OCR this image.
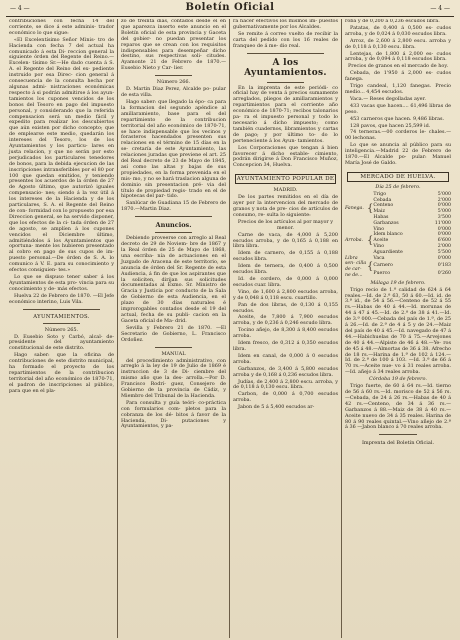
— 4 —	Boletín Oficial	— 4 —

contribuciones con fecha 14 del corriente, se dice á este adminis- trador económico lo que sigue:

«El Excelentísimo Señor Minis- tro de Hacienda con fecha 7 del actual ha comunicado á esta Di- reccion general la siguiente órden del Regente del Reino.—Excelen- tísimo Sr.—He dado cuenta á S. A. el Regente del Reino del ex- pediente instruido por esa Direc- cion general á consecuencia de la consulta hecha por algunas admi- nistraciones económicas respecto á si podrán admitirse á los ayun- tamientos los cupones vencidos de los bonos del Tesoro en pago del impuesto personal, y considerando que la referida compensacion será un medio fácil y expedito para realizar los descubiertos que aún existen por dicho concepto; que de emplearse este medio, quedarán los intereses del Tesoro, los de los Ayuntamientos y los particu- lares en justa relacion, y que no serán por esto perjudicados los particulares tenedores de bonos, para la debida ejecucion de las inscripciones intransferibles por el 80 por 100 que quedan emitidos, y teniendo presentes los acuerdos de la órden de 27 de Agosto último, que autorizó iguales compensacio- nes; siendo á la vez útil á los intereses de la Hacienda y de los particulares, S. A. el Regente del Reino de con- formidad con lo propuesto por esa Direccion general, se ha servido disponer, que los efectos de la ci- tada órden de 27 de agosto, se amplíen á los cupones vencidos el Diciembre último, admitiéndolos á los Ayuntamientos que oportuna- mente los hubieren presentado al cobro en pago de sus cupos de im- puesto personal.—De órden de S. A. lo comunico á V. E. para su conocimiento y efectos consiguien- tes.»

Lo que se dispuso tener saber á los Ayuntamientos de esta pro- vincia para su conocimiento y de- más efectos.

Huelva 22 de Febrero de 1870. —El Jefe económico interino, Luis Vila.

AYUNTAMIENTOS.
Número 265.

D. Eusebio Soto y Carbó, alcal- de-presidente del ayuntamiento constitucional de este distrito.

Hago saber: que la oficina de contribuciones de este distrito municipal, ha formado el proyecto de los repartimientos de la contribucion territorial del año económico de 1870-71, el padron de inscripciones al público, para que en el pla-

zo de treinta días, contados desde el en que aparezca inserto este anuncio en el Boletín oficial de esta provincia y Gaceta del gobier- no puedan presentar los reparos que se crean con los requisitos indispensables para desempeñar dicho destino, sus respectivas soli- citudes. Ayamonte 21 de Febrero de 1870.—Eusebio Nieto y Car- lier.

Número 266.

D. Martin Diaz Perez, Alcalde po- pular de esta villa.

Hago saber: que llegado la épo- ca para la formacion del segundo apéndice al amillaramiento, base para el del repartimiento de la contribucion territorial del año económico de 1870-71, se hace indispensable que los vecinos y forasteros hacendados presenten sus relaciones en el término de 15 días en la se- cretaría de este Ayuntamiento, las relaciones juradas que previene el art. 25 del Real decreto de 23 de Mayo de 1845, así como las altas y bajas de sus propiedades, en la forma prevenida en el mis- mo, y no se hará traslacion alguna de dominio sin presentacion pré- via del título de propiedad regis- trado en el de hipotecas del par- tido.

Sanlúcar de Guadiana 15 de Febrero de 1870.—Martin Diaz.

Anuncios.

Debiendo proveerse con arreglo al Real decreto de 29 de Noviem- bre de 1867 y la Real órden de 25 de Mayo de 1868, una escriba- nía de actuaciones en el Juzgado de Aracena de este territorio, se anuncia de órden del Sr. Regente de esta Audiencia, á fin de que los aspirantes que la soliciten, dirijan sus solicitudes documentadas al Exmo. Sr. Ministro de Gracia y Justicia por conducto de la Sala de Gobierno de esta Audiencia, en el plazo de 30 días naturales é improrogables contados desde el 19 del actual, fecha de su publi- cacion en la Gaceta oficial de Ma- drid.

Sevilla y Febrero 21 de 1870. —El Secretario de Gobierno, L. Francisco Ordoñez.

MANUAL

del procedimiento administrativo, con arreglo á la ley de 19 de Julio de 1869 é instruccion de 3 de Di- ciembre del mismo año que la des- arrolla.—Por D. Francisco Rodrí- guez, Consejero de Gobierno de la provincia de Cádiz, y Miembro del Tribunal de la Hacienda.

Para consulta y guía teóri- co-práctica con formularios com- pletos para la cobranza de los dé- bitos á favor de la Hacienda, Di- putaciones y Ayuntamientos, y pa-

ra hacer efectivos los mismos im- puestos gubernativamente por los Alcaldes.

Se remite á correo vuelto de recibir la carta del pedido con los 16 reales de franqueo de á me- dio real.

A los Ayuntamientos.

En la imprenta de este periódi- co oficial hay de venta á precios sumamente arreglados, pliegos de amillaramientos y repartimientos para el corriente año económico de 1870-71; recibos talonarios pa- ra el impuesto personal y todo lo necesario á dicho impuesto; como también cuadernos, libramientos y cartas de pago; y por último to- do lo perteneciente á los Ayun- tamientos.

Los Corporaciones que tengan á bien favorecer á dicho estable- cimiento, podrán dirigirse á Don Francisco Muñoz, Concepcion 34, Huelva.

AYUNTAMIENTO POPULAR DE
MADRID.

De los partes remitidos en el día de ayer por la intervencion del mercado de granos y nota de pre- cios de artículos de consumo, re- sulta lo siguiente:

Precios de los artículos al por mayor y menor.

Carne de vaca, de 4,000 á 5,200 escudos arroba, y de 0,165 á 0,188 en libra libra.

Idem de carnero, de 0,155 á 0,188 escudos libra.

Idem de ternera, de 0,400 á 0,500 escudos libra.

Id. de cordero, de 0,000 á 0,000 escudos cuar. libra.

Vino, de 1,600 á 2,800 escudos arroba, y de 0,048 á 0,118 escu. cuartillo.

Pan de dos libras, de 0,130 á 0,155 escudos.

Aceite, de 7,800 á 7,900 escudos arroba, y de 0,236 á 0,246 escudo libra.

Tocino añejo, de 8,300 á 8,400 escudos arroba.

Idem fresco, de 0,312 á 0,350 escudos libra.

Idem en canal, de 0,000 á 0 escudos arroba.

Garbanzos, de 3,400 á 5,800 escudos arroba y de 0,168 á 0,236 escudos libra.

Judías, de 2,400 á 2,800 escu. arroba, y de 0,118 á 0,130 escu. libra.

Carbon, de 0,000 á 0,700 escudos arroba.

Jabon de 5 á 5,400 escudos ar-

roba y de 0,200 á 0,236 escudos libra.

Patatas, de 0,400 á 0,500 es- cudos arroba, y de 0,024 á 0,030 escudos libra.

Arroz, de 2,600 á 2,800 escu. arroba y de 0,118 á 0,130 escu. libra.

Lentejas, de 1,800 á 2,000 es- cudos arroba, y de 0,094 á 0,118 escudos libra.

Precios de granos en el mercado de hoy.

Cebada, de 1'950 á 2,000 es- cudos fanega.

Trigo candeal, 1,120 fanegas. Precio medio... 4,454 escudos.

Vaca.— Reses degolladas ayer.

433 vacas que hacen.... 61,496 libras de peso.

453 carneros que hacen. 9,486 libras.

128 pavos, que hacen 25,599 id.

74 terneras.—00 corderos le- chales.—00 lechonas.

Lo que se anuncia al público para su inteligencia.—Madrid 22 de Febrero de 1870.—El Alcalde po- pular: Manuel María José de Galdo.

MERCADO DE HUELVA.

Día 25 de febrero.

Fanega.	{	Trigo	5'000
		Cebada	2'000
		Centeno	0'000
		Maiz	5'000
		Habas	3'500
		Garbanzos	11'000
Arroba.	{	Vino	0'000
		Ídem blanco	0'000
		Aceite	6'600
		Vino	2'000
		Aguardiente	5'500
Libra sen- cilla de car- ne de...	{	Vaca	0'000
		Carnero	0'183
		Puerco	0'260

Málaga 19 de febrero.

Trigo recio de 1.ª calidad de 624 á 64 reales.—Id. de 2.ª 63, 50 á 60.—Id. id. de 3.ª id., de 54 á 56.—Centeno de 52 á 55 rs.—Habas de 40 á 44.—Id. morunas de 44 á 47 á 45.—Id. de 2.ª de 38 á 41.—Id. de 3.ª 000.—Cebada del país de 1.ª, de 25 á 26.—Id. de 2.ª de 4 á 5 y de 24.—Maiz del país de 40 á 45.—Id. navegado de 47 á 44.—Habichuelas de 70 á 75.—Arvejones de 40 á 44.—Alpiste de 46 á 48.—Ye- ros de 45 á 48.—Almortas de 36 á 38. Afrecho de 18 rs.—Harina de 1.ª de 102 á 124.—Id. de 2.ª de 100 á 103. —Id. 3.ª de 66 á 70 rs.—Aceite nue- vo á 31 reales arroba.—Id. añejo á 34 reales arroba.

Córdoba 19 de febrero.

Trigo fuerte, de 60 á 64 rs.—Id. tierno de 56 á 60 rs.—Id. morisco de 52 á 56 rs.—Cebada, de 24 á 26 rs.—Habas de 40 á 42 rs.—Centeno, de 34 á 36 rs.—Garbanzos á 88.—Maiz de 38 á 40 rs.—Aceite nuevo de 34 á 35 reales. Harina de 80 á 90 reales quintal.—Vino añejo de 2.ª á 36 —Jabon blanco á 70 reales arroba.

Imprenta del Boletín Oficial.
